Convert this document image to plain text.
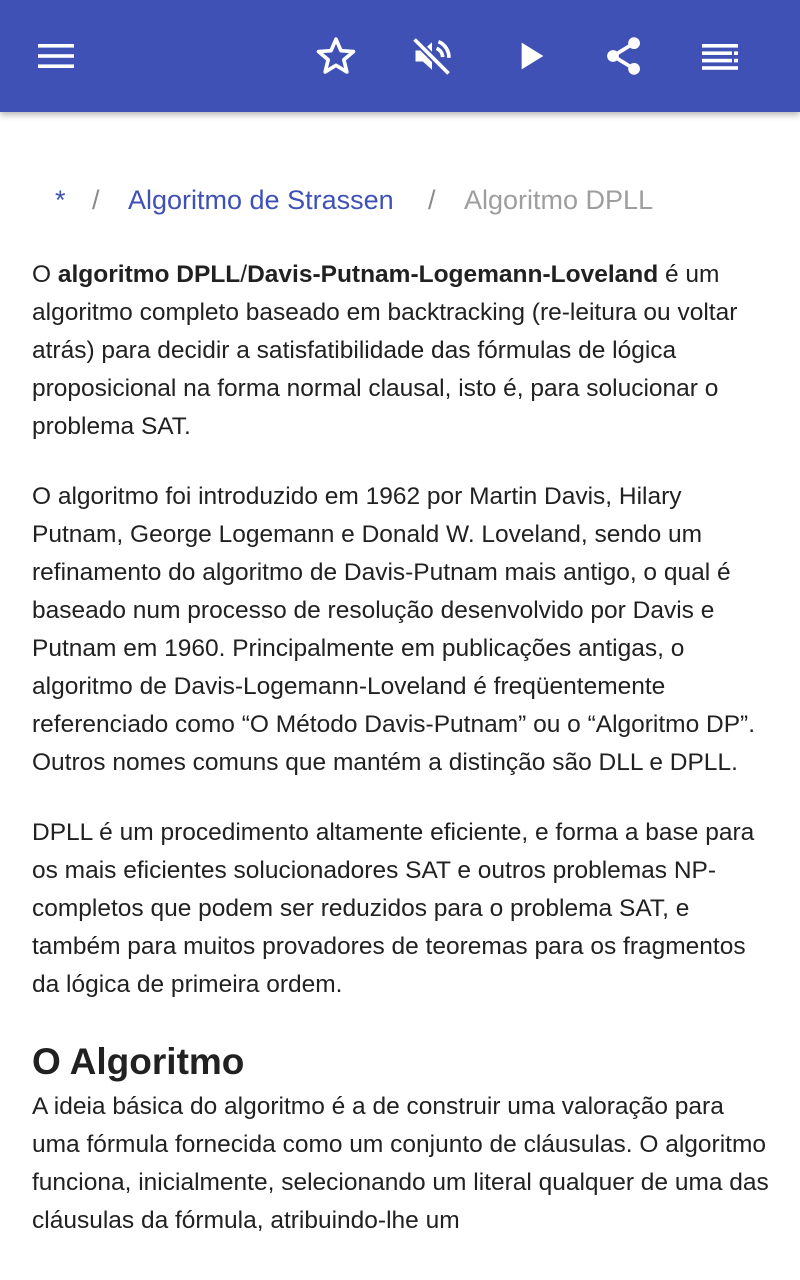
* / Algoritmo de Strassen / Algoritmo DPLL

O algoritmo DPLL/Davis-Putnam-Logemann-Loveland é um algoritmo completo baseado em backtracking (re-leitura ou voltar atrás) para decidir a satisfatibilidade das fórmulas de lógica proposicional na forma normal clausal, isto é, para solucionar o problema SAT.

O algoritmo foi introduzido em 1962 por Martin Davis, Hilary Putnam, George Logemann e Donald W. Loveland, sendo um refinamento do algoritmo de Davis-Putnam mais antigo, o qual é baseado num processo de resolução desenvolvido por Davis e Putnam em 1960. Principalmente em publicações antigas, o algoritmo de Davis-Logemann-Loveland é freqüentemente referenciado como “O Método Davis-Putnam” ou o “Algoritmo DP”. Outros nomes comuns que mantém a distinção são DLL e DPLL.

DPLL é um procedimento altamente eficiente, e forma a base para os mais eficientes solucionadores SAT e outros problemas NP-completos que podem ser reduzidos para o problema SAT, e também para muitos provadores de teoremas para os fragmentos da lógica de primeira ordem.

O Algoritmo

A ideia básica do algoritmo é a de construir uma valoração para uma fórmula fornecida como um conjunto de cláusulas. O algoritmo funciona, inicialmente, selecionando um literal qualquer de uma das cláusulas da fórmula, atribuindo-lhe um
